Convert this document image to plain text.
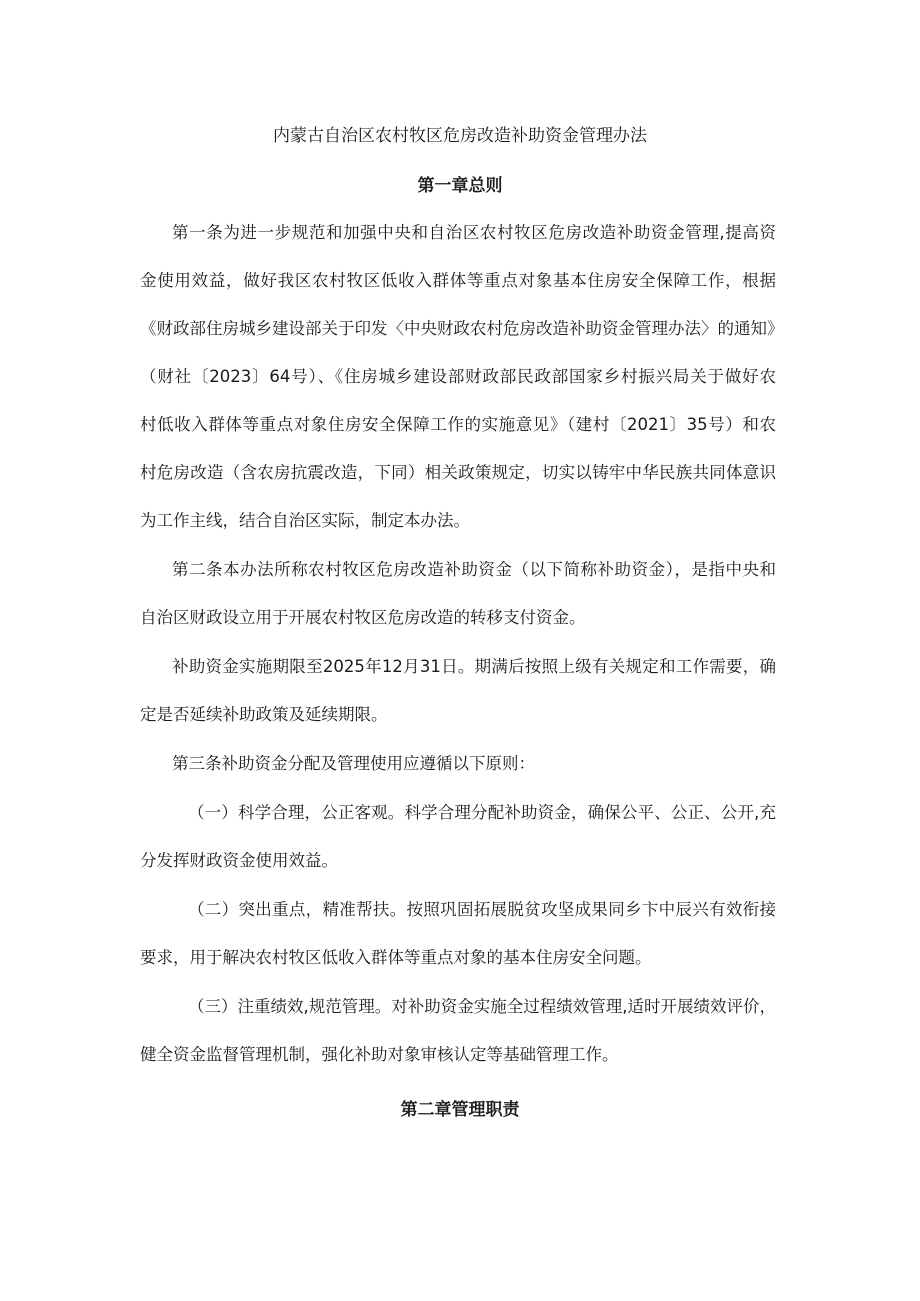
内蒙古自治区农村牧区危房改造补助资金管理办法
第一章总则
第一条为进一步规范和加强中央和自治区农村牧区危房改造补助资金管理,提高资
金使用效益，做好我区农村牧区低收入群体等重点对象基本住房安全保障工作，根据
《财政部住房城乡建设部关于印发〈中央财政农村危房改造补助资金管理办法〉的通知》
（财社〔2023〕64号）、《住房城乡建设部财政部民政部国家乡村振兴局关于做好农
村低收入群体等重点对象住房安全保障工作的实施意见》（建村〔2021〕35号）和农
村危房改造（含农房抗震改造，下同）相关政策规定，切实以铸牢中华民族共同体意识
为工作主线，结合自治区实际，制定本办法。
第二条本办法所称农村牧区危房改造补助资金（以下简称补助资金），是指中央和
自治区财政设立用于开展农村牧区危房改造的转移支付资金。
补助资金实施期限至2025年12月31日。期满后按照上级有关规定和工作需要，确
定是否延续补助政策及延续期限。
第三条补助资金分配及管理使用应遵循以下原则：
（一）科学合理，公正客观。科学合理分配补助资金，确保公平、公正、公开,充
分发挥财政资金使用效益。
（二）突出重点，精准帮扶。按照巩固拓展脱贫攻坚成果同乡卞中辰兴有效衔接
要求，用于解决农村牧区低收入群体等重点对象的基本住房安全问题。
（三）注重绩效,规范管理。对补助资金实施全过程绩效管理,适时开展绩效评价，
健全资金监督管理机制，强化补助对象审核认定等基础管理工作。
第二章管理职责
